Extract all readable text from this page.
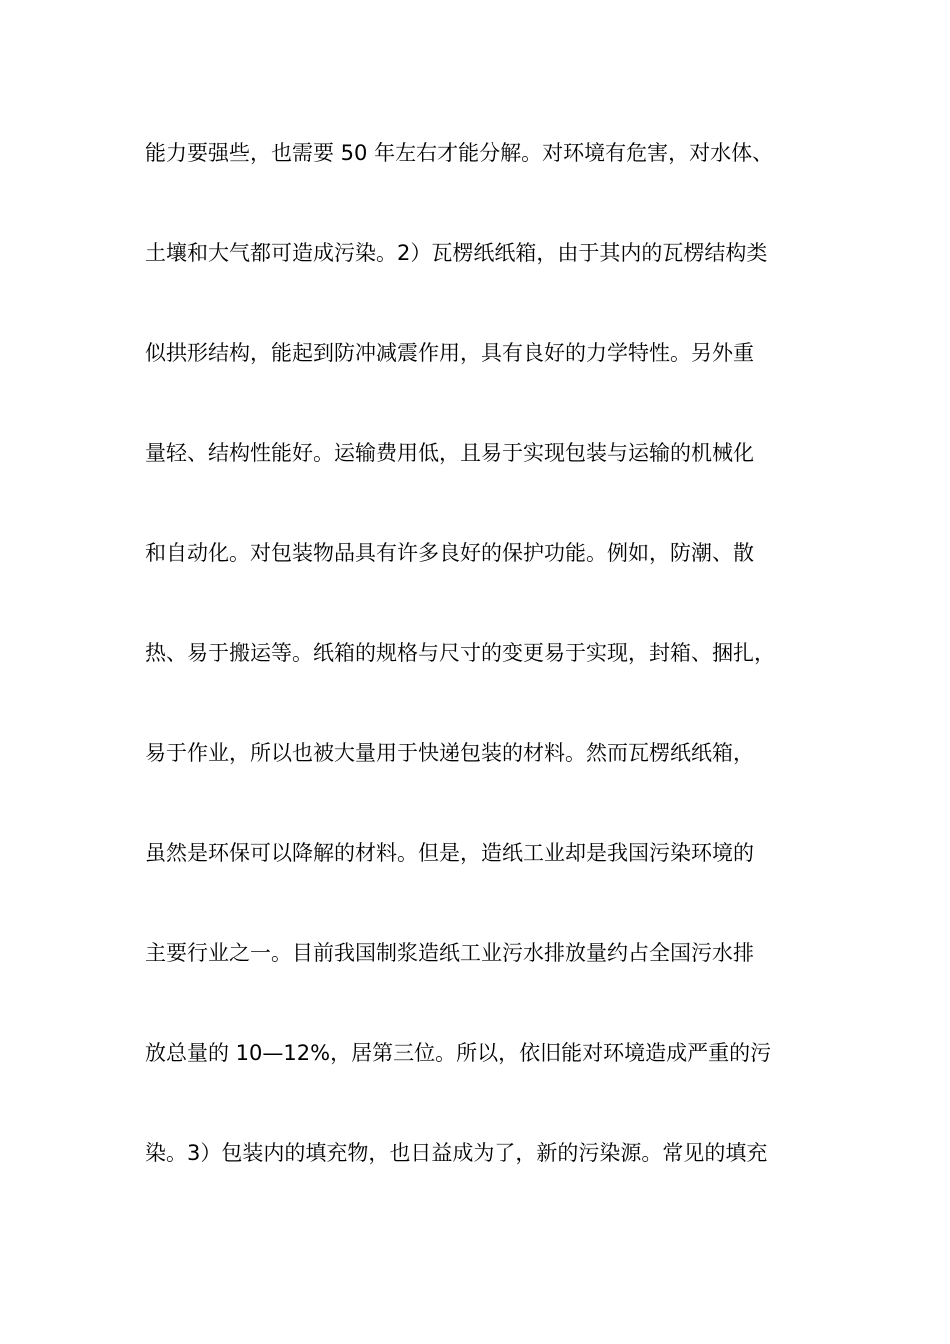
能力要强些，也需要 50 年左右才能分解。对环境有危害，对水体、
土壤和大气都可造成污染。2）瓦楞纸纸箱，由于其内的瓦楞结构类
似拱形结构，能起到防冲减震作用，具有良好的力学特性。另外重
量轻、结构性能好。运输费用低，且易于实现包装与运输的机械化
和自动化。对包装物品具有许多良好的保护功能。例如，防潮、散
热、易于搬运等。纸箱的规格与尺寸的变更易于实现，封箱、捆扎，
易于作业，所以也被大量用于快递包装的材料。然而瓦楞纸纸箱，
虽然是环保可以降解的材料。但是，造纸工业却是我国污染环境的
主要行业之一。目前我国制浆造纸工业污水排放量约占全国污水排
放总量的 10—12%，居第三位。所以，依旧能对环境造成严重的污
染。3）包装内的填充物，也日益成为了，新的污染源。常见的填充
